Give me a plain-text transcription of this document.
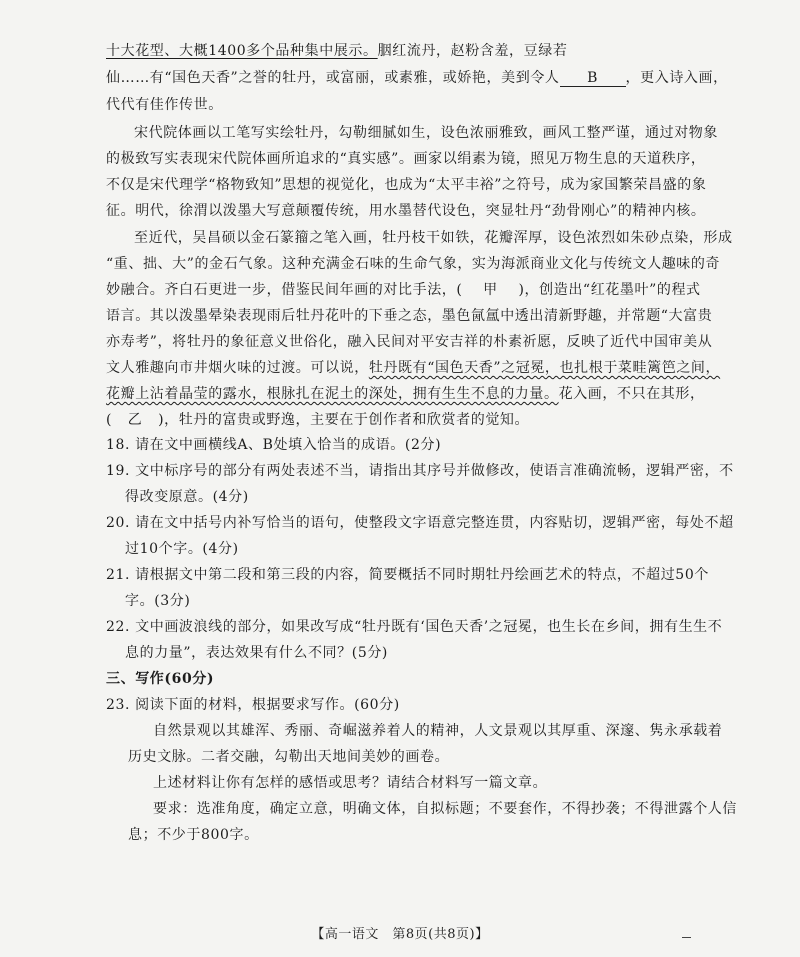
十大花型、大概1400多个品种集中展示。胭红流丹，赵粉含羞，豆绿若
仙……有“国色天香”之誉的牡丹，或富丽，或素雅，或娇艳，美到令人 B ，更入诗入画，
代代有佳作传世。
宋代院体画以工笔写实绘牡丹，勾勒细腻如生，设色浓丽雅致，画风工整严谨，通过对物象
的极致写实表现宋代院体画所追求的“真实感”。画家以绢素为镜，照见万物生息的天道秩序，
不仅是宋代理学“格物致知”思想的视觉化，也成为“太平丰裕”之符号，成为家国繁荣昌盛的象
征。明代，徐渭以泼墨大写意颠覆传统，用水墨替代设色，突显牡丹“劲骨刚心”的精神内核。
至近代，吴昌硕以金石篆籀之笔入画，牡丹枝干如铁，花瓣浑厚，设色浓烈如朱砂点染，形成
“重、拙、大”的金石气象。这种充满金石味的生命气象，实为海派商业文化与传统文人趣味的奇
妙融合。齐白石更进一步，借鉴民间年画的对比手法，( 甲 )，创造出“红花墨叶”的程式
语言。其以泼墨晕染表现雨后牡丹花叶的下垂之态，墨色氤氲中透出清新野趣，并常题“大富贵
亦寿考”，将牡丹的象征意义世俗化，融入民间对平安吉祥的朴素祈愿，反映了近代中国审美从
文人雅趣向市井烟火味的过渡。可以说，牡丹既有“国色天香”之冠冕，也扎根于菜畦篱笆之间，
花瓣上沾着晶莹的露水，根脉扎在泥土的深处，拥有生生不息的力量。花入画，不只在其形，
( 乙 )，牡丹的富贵或野逸，主要在于创作者和欣赏者的觉知。
18. 请在文中画横线A、B处填入恰当的成语。(2分)
19. 文中标序号的部分有两处表述不当，请指出其序号并做修改，使语言准确流畅，逻辑严密，不
得改变原意。(4分)
20. 请在文中括号内补写恰当的语句，使整段文字语意完整连贯，内容贴切，逻辑严密，每处不超
过10个字。(4分)
21. 请根据文中第二段和第三段的内容，简要概括不同时期牡丹绘画艺术的特点，不超过50个
字。(3分)
22. 文中画波浪线的部分，如果改写成“牡丹既有‘国色天香’之冠冕，也生长在乡间，拥有生生不
息的力量”，表达效果有什么不同？(5分)
三、写作(60分)
23. 阅读下面的材料，根据要求写作。(60分)
自然景观以其雄浑、秀丽、奇崛滋养着人的精神，人文景观以其厚重、深邃、隽永承载着
历史文脉。二者交融，勾勒出天地间美妙的画卷。
上述材料让你有怎样的感悟或思考？请结合材料写一篇文章。
要求：选准角度，确定立意，明确文体，自拟标题；不要套作，不得抄袭；不得泄露个人信
息；不少于800字。
【高一语文　第8页(共8页)】
